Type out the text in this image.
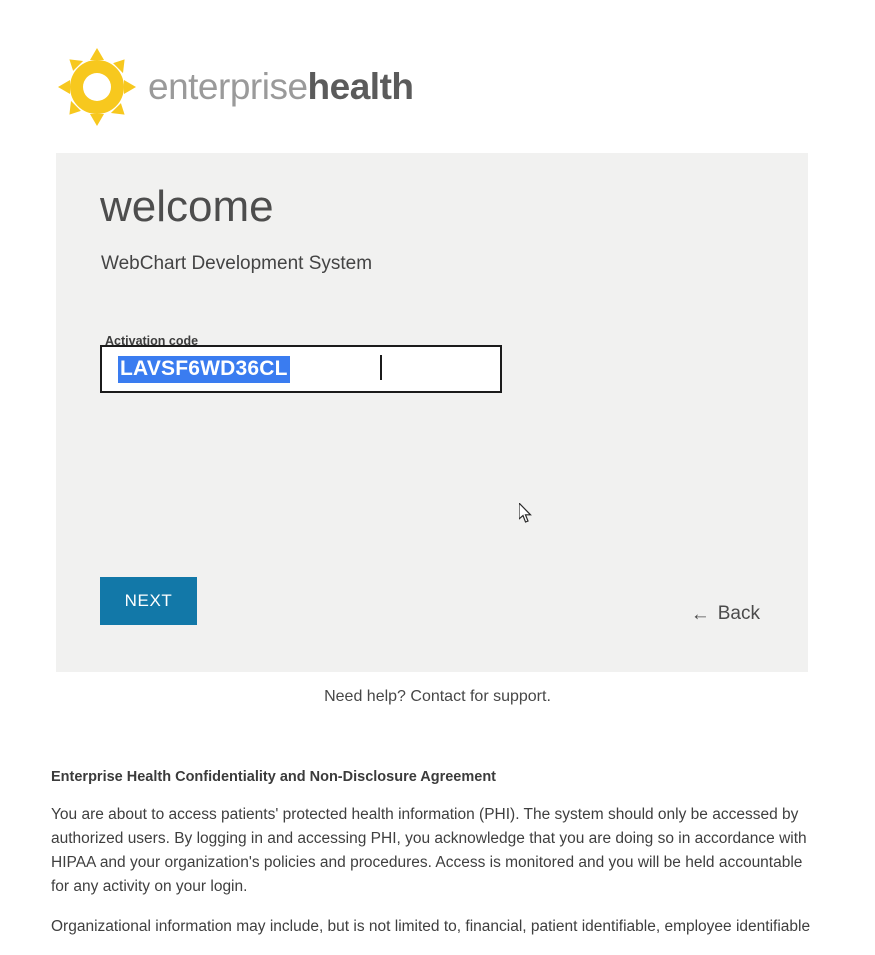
enterprisehealth
welcome
WebChart Development System
Activation code
LAVSF6WD36CL
NEXT
← Back
Need help? Contact for support.
Enterprise Health Confidentiality and Non-Disclosure Agreement

You are about to access patients' protected health information (PHI). The system should only be accessed by authorized users. By logging in and accessing PHI, you acknowledge that you are doing so in accordance with HIPAA and your organization's policies and procedures. Access is monitored and you will be held accountable for any activity on your login.

Organizational information may include, but is not limited to, financial, patient identifiable, employee identifiable
